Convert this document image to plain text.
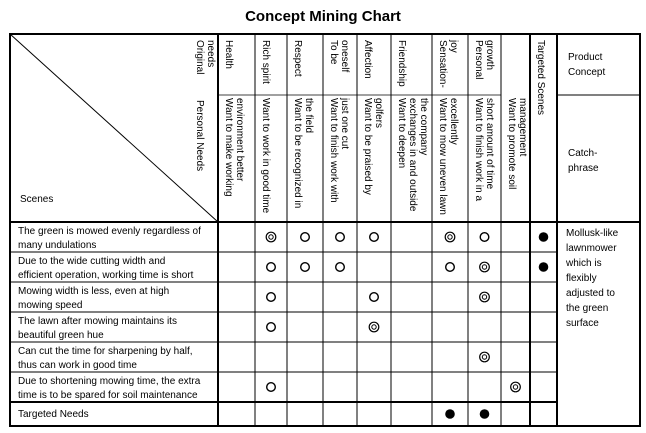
Concept Mining Chart
Original needs
Personal Needs
Scenes
Health
Want to make working environment better
Rich spirit
Want to work in good time
Respect
Want to be recognized in the field
To be oneself
Want to finish work with just one cut
Affection
Want to be praised by golfers
Friendship
Want to deepen exchanges in and outside the company
Sensation- joy
Want to mow uneven lawn excellently
Personal growth
Want to finish work in a short amount of time Want to promote soil management
Targeted Scenes Product
Concept
Catch-
phrase
Mollusk-like
lawnmower
which is
flexibly
adjusted to
the green
surface
The green is mowed evenly regardless of
many undulations
Due to the wide cutting width and
efficient operation, working time is short
Mowing width is less, even at high
mowing speed
The lawn after mowing maintains its
beautiful green hue
Can cut the time for sharpening by half,
thus can work in good time
Due to shortening mowing time, the extra
time is to be spared for soil maintenance
Targeted Needs
